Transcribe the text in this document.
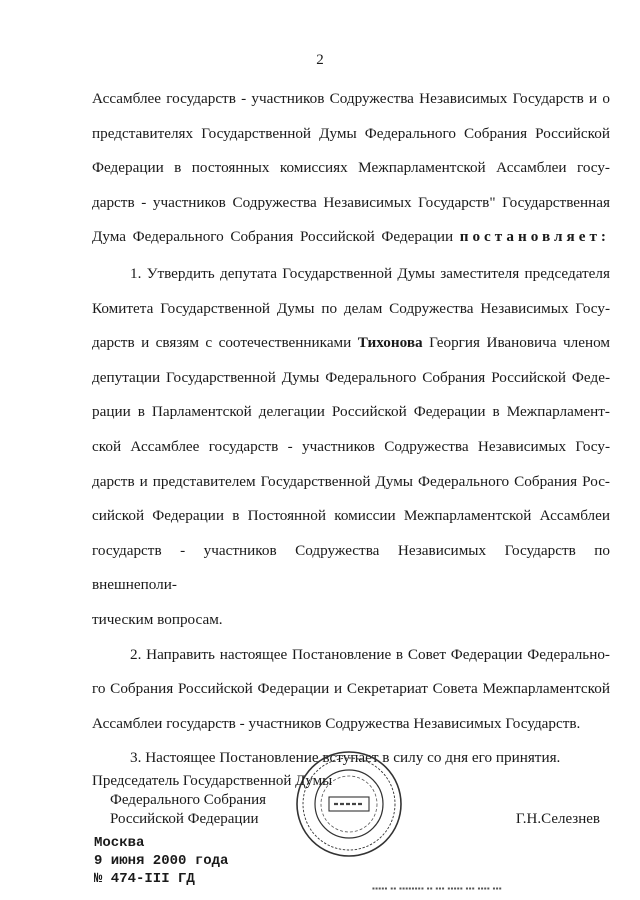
2
Ассамблее государств - участников Содружества Независимых Государств и о
представителях Государственной Думы Федерального Собрания Российской
Федерации в постоянных комиссиях Межпарламентской Ассамблеи госу-
дарств - участников Содружества Независимых Государств" Государственная
Дума Федерального Собрания Российской Федерации постановляет:
1. Утвердить депутата Государственной Думы заместителя председателя
Комитета Государственной Думы по делам Содружества Независимых Госу-
дарств и связям с соотечественниками Тихонова Георгия Ивановича членом
депутации Государственной Думы Федерального Собрания Российской Феде-
рации в Парламентской делегации Российской Федерации в Межпарламент-
ской Ассамблее государств - участников Содружества Независимых Госу-
дарств и представителем Государственной Думы Федерального Собрания Рос-
сийской Федерации в Постоянной комиссии Межпарламентской Ассамблеи
государств - участников Содружества Независимых Государств по внешнеполи-
тическим вопросам.
2. Направить настоящее Постановление в Совет Федерации Федерально-
го Собрания Российской Федерации и Секретариат Совета Межпарламентской
Ассамблеи государств - участников Содружества Независимых Государств.
3. Настоящее Постановление вступает в силу со дня его принятия.
Председатель Государственной Думы
Федерального Собрания
Российской Федерации	Г.Н.Селезнев
Москва
9 июня 2000 года
№ 474-III ГД
▪▪▪▪▪ ▪▪ ▪▪▪▪▪▪▪▪ ▪▪ ▪▪▪ ▪▪▪▪▪ ▪▪▪ ▪▪▪▪ ▪▪▪
